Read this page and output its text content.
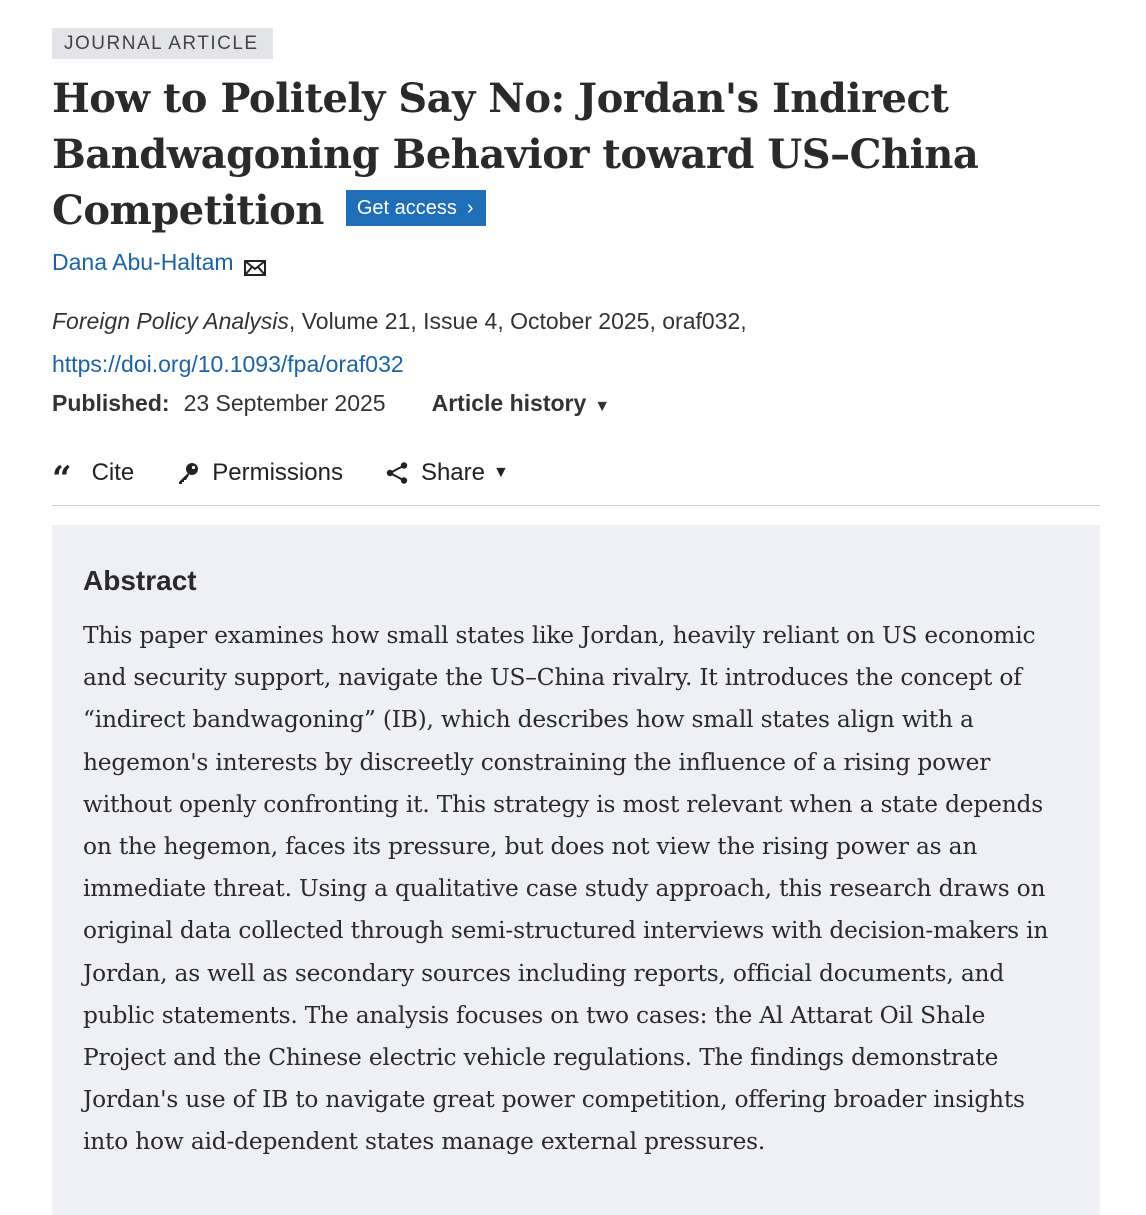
JOURNAL ARTICLE
How to Politely Say No: Jordan's Indirect Bandwagoning Behavior toward US–China Competition Get access ›
Dana Abu-Haltam
Foreign Policy Analysis, Volume 21, Issue 4, October 2025, oraf032,
https://doi.org/10.1093/fpa/oraf032
Published: 23 September 2025 Article history ▼
“ Cite	Permissions	Share ▼
Abstract

This paper examines how small states like Jordan, heavily reliant on US economic and security support, navigate the US–China rivalry. It introduces the concept of “indirect bandwagoning” (IB), which describes how small states align with a hegemon's interests by discreetly constraining the influence of a rising power without openly confronting it. This strategy is most relevant when a state depends on the hegemon, faces its pressure, but does not view the rising power as an immediate threat. Using a qualitative case study approach, this research draws on original data collected through semi-structured interviews with decision-makers in Jordan, as well as secondary sources including reports, official documents, and public statements. The analysis focuses on two cases: the Al Attarat Oil Shale Project and the Chinese electric vehicle regulations. The findings demonstrate Jordan's use of IB to navigate great power competition, offering broader insights into how aid-dependent states manage external pressures.
